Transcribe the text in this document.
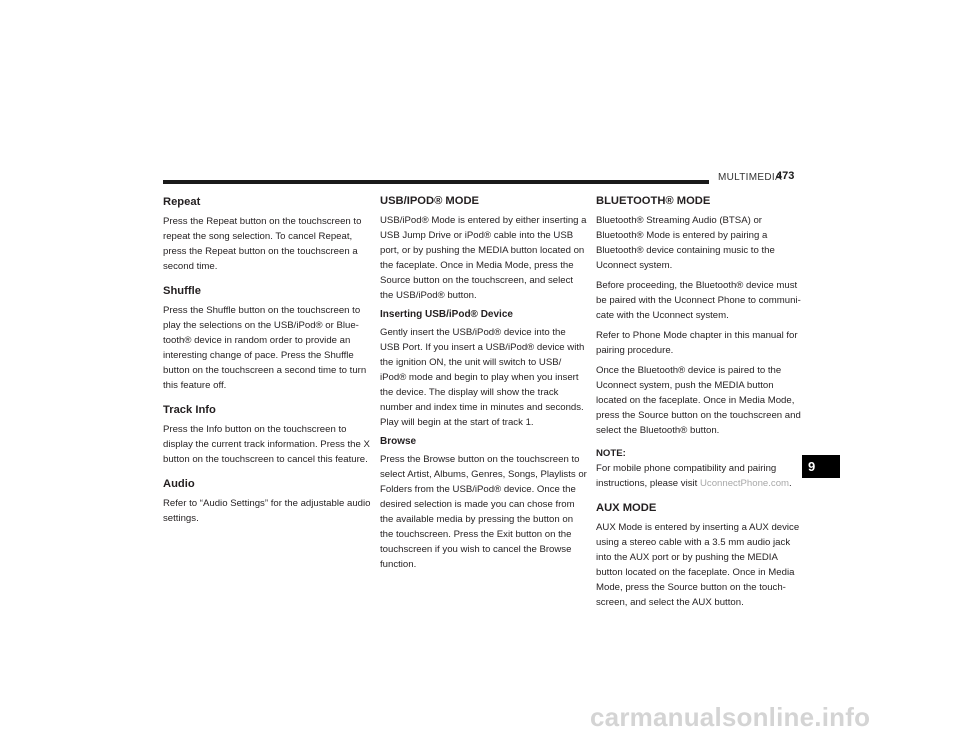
MULTIMEDIA
473
Repeat

Press the Repeat button on the touchscreen to repeat the song selection. To cancel Repeat, press the Repeat button on the touchscreen a second time.

Shuffle

Press the Shuffle button on the touchscreen to play the selections on the USB/iPod® or Blue-tooth® device in random order to provide an interesting change of pace. Press the Shuffle button on the touchscreen a second time to turn this feature off.

Track Info

Press the Info button on the touchscreen to display the current track information. Press the X button on the touchscreen to cancel this feature.

Audio

Refer to “Audio Settings” for the adjustable audio settings.

USB/IPOD® MODE

USB/iPod® Mode is entered by either inserting a USB Jump Drive or iPod® cable into the USB port, or by pushing the MEDIA button located on the faceplate. Once in Media Mode, press the Source button on the touchscreen, and select the USB/iPod® button.

Inserting USB/iPod® Device

Gently insert the USB/iPod® device into the USB Port. If you insert a USB/iPod® device with the ignition ON, the unit will switch to USB/ iPod® mode and begin to play when you insert the device. The display will show the track number and index time in minutes and seconds. Play will begin at the start of track 1.

Browse

Press the Browse button on the touchscreen to select Artist, Albums, Genres, Songs, Playlists or Folders from the USB/iPod® device. Once the desired selection is made you can chose from the available media by pressing the button on the touchscreen. Press the Exit button on the touchscreen if you wish to cancel the Browse function.

BLUETOOTH® MODE

Bluetooth® Streaming Audio (BTSA) or Bluetooth® Mode is entered by pairing a Bluetooth® device containing music to the Uconnect system.

Before proceeding, the Bluetooth® device must be paired with the Uconnect Phone to communi-cate with the Uconnect system.

Refer to Phone Mode chapter in this manual for pairing procedure.

Once the Bluetooth® device is paired to the Uconnect system, push the MEDIA button located on the faceplate. Once in Media Mode, press the Source button on the touchscreen and select the Bluetooth® button.

NOTE:

For mobile phone compatibility and pairing instructions, please visit UconnectPhone.com.

AUX MODE

AUX Mode is entered by inserting a AUX device using a stereo cable with a 3.5 mm audio jack into the AUX port or by pushing the MEDIA button located on the faceplate. Once in Media Mode, press the Source button on the touch-screen, and select the AUX button.

9
carmanualsonline.info
